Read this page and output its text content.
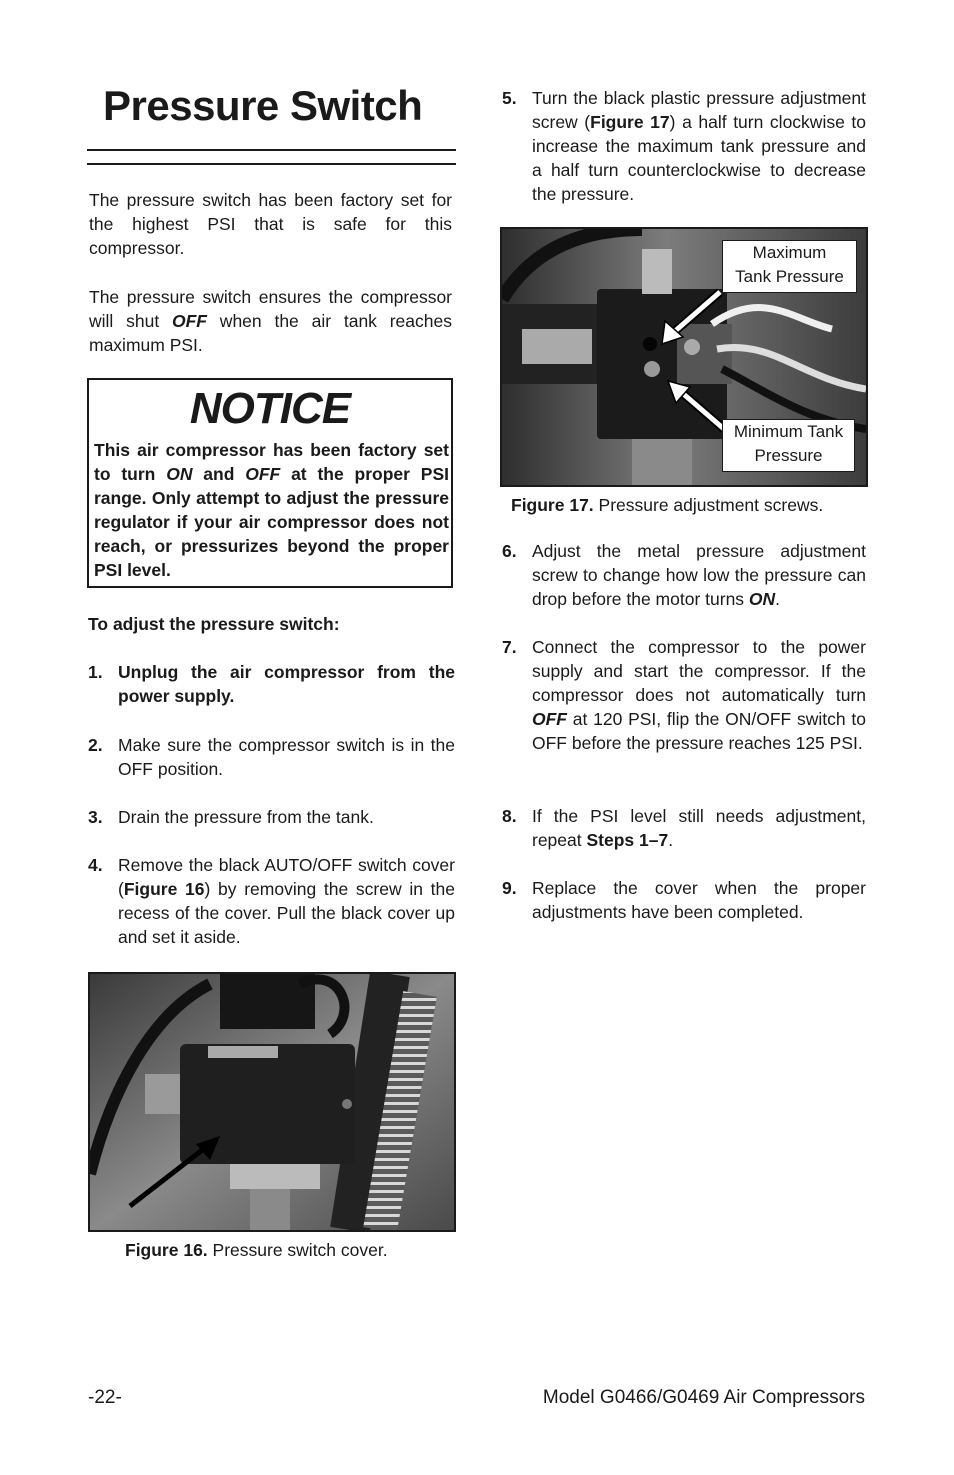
Pressure Switch

The pressure switch has been factory set for the highest PSI that is safe for this compressor.

The pressure switch ensures the compressor will shut OFF when the air tank reaches maximum PSI.

NOTICE

This air compressor has been factory set to turn ON and OFF at the proper PSI range. Only attempt to adjust the pressure regulator if your air compressor does not reach, or pressurizes beyond the proper PSI level.

To adjust the pressure switch:
1. Unplug the air compressor from the power supply.

2. Make sure the compressor switch is in the OFF position.

3. Drain the pressure from the tank.

4. Remove the black AUTO/OFF switch cover (Figure 16) by removing the screw in the recess of the cover. Pull the black cover up and set it aside.

Figure 16. Pressure switch cover.
5. Turn the black plastic pressure adjustment screw (Figure 17) a half turn clockwise to increase the maximum tank pressure and a half turn counterclockwise to decrease the pressure.

Maximum
Tank Pressure
Minimum Tank
Pressure
Figure 17. Pressure adjustment screws.
6. Adjust the metal pressure adjustment screw to change how low the pressure can drop before the motor turns ON.

7. Connect the compressor to the power supply and start the compressor. If the compressor does not automatically turn OFF at 120 PSI, flip the ON/OFF switch to OFF before the pressure reaches 125 PSI.

8. If the PSI level still needs adjustment, repeat Steps 1–7.

9. Replace the cover when the proper adjustments have been completed.

-22-	Model G0466/G0469 Air Compressors
